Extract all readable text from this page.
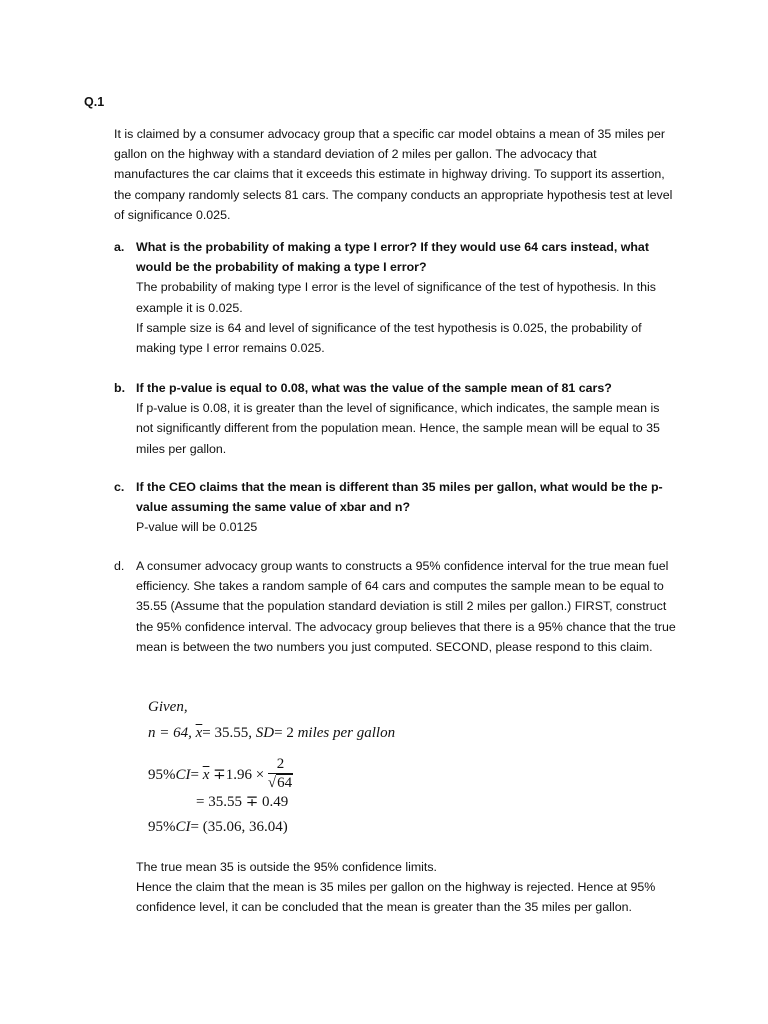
Q.1
It is claimed by a consumer advocacy group that a specific car model obtains a mean of 35 miles per gallon on the highway with a standard deviation of 2 miles per gallon. The advocacy that manufactures the car claims that it exceeds this estimate in highway driving. To support its assertion, the company randomly selects 81 cars. The company conducts an appropriate hypothesis test at level of significance 0.025.
a. What is the probability of making a type I error? If they would use 64 cars instead, what would be the probability of making a type I error?
The probability of making type I error is the level of significance of the test of hypothesis. In this example it is 0.025.
If sample size is 64 and level of significance of the test hypothesis is 0.025, the probability of making type I error remains 0.025.
b. If the p-value is equal to 0.08, what was the value of the sample mean of 81 cars?
If p-value is 0.08, it is greater than the level of significance, which indicates, the sample mean is not significantly different from the population mean. Hence, the sample mean will be equal to 35 miles per gallon.
c. If the CEO claims that the mean is different than 35 miles per gallon, what would be the p-value assuming the same value of xbar and n?
P-value will be 0.0125
d. A consumer advocacy group wants to constructs a 95% confidence interval for the true mean fuel efficiency. She takes a random sample of 64 cars and computes the sample mean to be equal to 35.55 (Assume that the population standard deviation is still 2 miles per gallon.) FIRST, construct the 95% confidence interval. The advocacy group believes that there is a 95% chance that the true mean is between the two numbers you just computed. SECOND, please respond to this claim.
Given,
n = 64, $\overline{x}= 35.55$, SD= 2 miles per gallon
$95\%CI= \overline{x} \mp 1.96 \times \frac{2}{√64}$
= 35.55 ∓ 0.49
95%CI= (35.06, 36.04)
The true mean 35 is outside the 95% confidence limits.
Hence the claim that the mean is 35 miles per gallon on the highway is rejected. Hence at 95% confidence level, it can be concluded that the mean is greater than the 35 miles per gallon.
